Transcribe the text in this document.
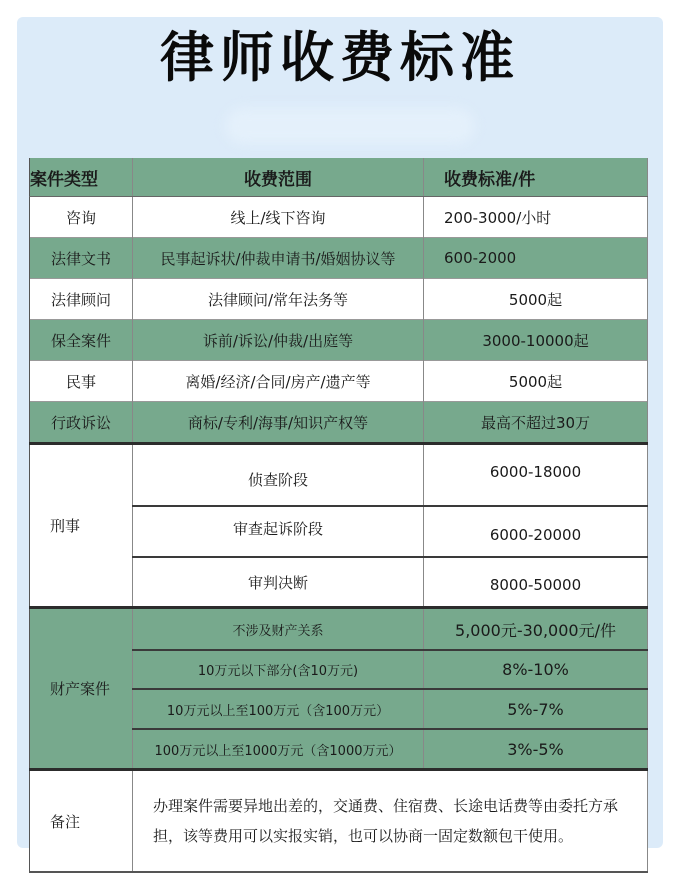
律师收费标准
案件类型	收费范围	收费标准/件
咨询	线上/线下咨询	200-3000/小时
法律文书	民事起诉状/仲裁申请书/婚姻协议等	600-2000
法律顾问	法律顾问/常年法务等	5000起
保全案件	诉前/诉讼/仲裁/出庭等	3000-10000起
民事	离婚/经济/合同/房产/遗产等	5000起
行政诉讼	商标/专利/海事/知识产权等	最高不超过30万
刑事	侦查阶段	6000-18000
	审查起诉阶段	6000-20000
	审判决断	8000-50000
财产案件	不涉及财产关系	5,000元-30,000元/件
	10万元以下部分(含10万元)	8%-10%
	10万元以上至100万元（含100万元）	5%-7%
	100万元以上至1000万元（含1000万元）	3%-5%
备注	办理案件需要异地出差的，交通费、住宿费、长途电话费等由委托方承担，该等费用可以实报实销，也可以协商一固定数额包干使用。	
